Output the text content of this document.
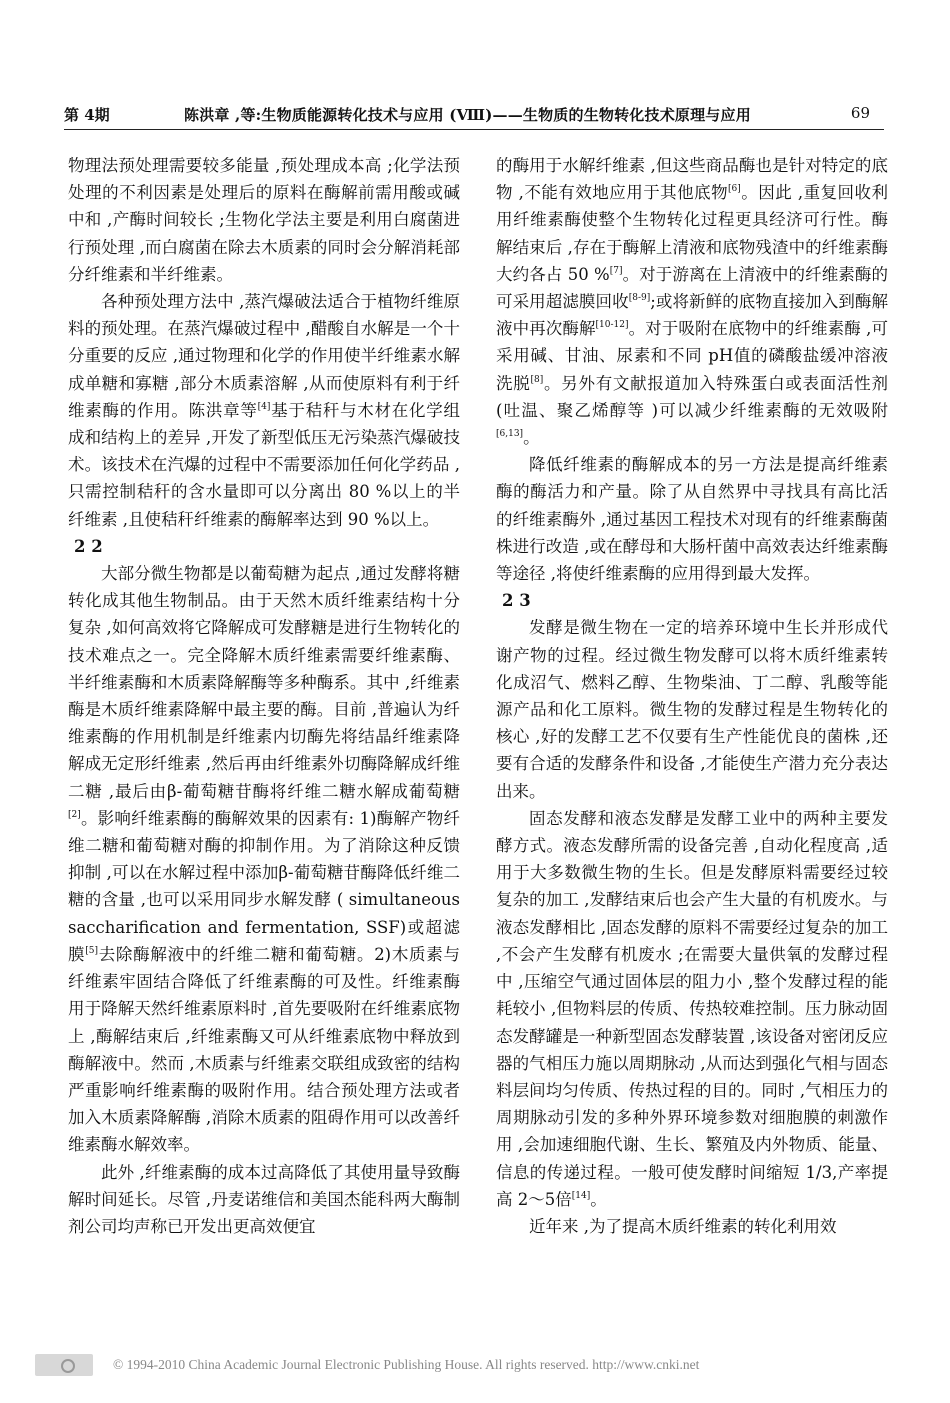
第 4期	陈洪章 ,等:生物质能源转化技术与应用 (Ⅷ)——生物质的生物转化技术原理与应用	69

物理法预处理需要较多能量 ,预处理成本高 ;化学法预处理的不利因素是处理后的原料在酶解前需用酸或碱中和 ,产酶时间较长 ;生物化学法主要是利用白腐菌进行预处理 ,而白腐菌在除去木质素的同时会分解消耗部分纤维素和半纤维素。

各种预处理方法中 ,蒸汽爆破法适合于植物纤维原料的预处理。在蒸汽爆破过程中 ,醋酸自水解是一个十分重要的反应 ,通过物理和化学的作用使半纤维素水解成单糖和寡糖 ,部分木质素溶解 ,从而使原料有利于纤维素酶的作用。陈洪章等[4]基于秸秆与木材在化学组成和结构上的差异 ,开发了新型低压无污染蒸汽爆破技术。该技术在汽爆的过程中不需要添加任何化学药品 ,只需控制秸秆的含水量即可以分离出 80 %以上的半纤维素 ,且使秸秆纤维素的酶解率达到 90 %以上。

2 2

大部分微生物都是以葡萄糖为起点 ,通过发酵将糖转化成其他生物制品。由于天然木质纤维素结构十分复杂 ,如何高效将它降解成可发酵糖是进行生物转化的技术难点之一。完全降解木质纤维素需要纤维素酶、半纤维素酶和木质素降解酶等多种酶系。其中 ,纤维素酶是木质纤维素降解中最主要的酶。目前 ,普遍认为纤维素酶的作用机制是纤维素内切酶先将结晶纤维素降解成无定形纤维素 ,然后再由纤维素外切酶降解成纤维二糖 ,最后由β-葡萄糖苷酶将纤维二糖水解成葡萄糖[2]。影响纤维素酶的酶解效果的因素有: 1)酶解产物纤维二糖和葡萄糖对酶的抑制作用。为了消除这种反馈抑制 ,可以在水解过程中添加β-葡萄糖苷酶降低纤维二糖的含量 ,也可以采用同步水解发酵 ( simultaneous saccharification and fermentation, SSF)或超滤膜[5]去除酶解液中的纤维二糖和葡萄糖。2)木质素与纤维素牢固结合降低了纤维素酶的可及性。纤维素酶用于降解天然纤维素原料时 ,首先要吸附在纤维素底物上 ,酶解结束后 ,纤维素酶又可从纤维素底物中释放到酶解液中。然而 ,木质素与纤维素交联组成致密的结构严重影响纤维素酶的吸附作用。结合预处理方法或者加入木质素降解酶 ,消除木质素的阻碍作用可以改善纤维素酶水解效率。

此外 ,纤维素酶的成本过高降低了其使用量导致酶解时间延长。尽管 ,丹麦诺维信和美国杰能科两大酶制剂公司均声称已开发出更高效便宜

的酶用于水解纤维素 ,但这些商品酶也是针对特定的底物 ,不能有效地应用于其他底物[6]。因此 ,重复回收利用纤维素酶使整个生物转化过程更具经济可行性。酶解结束后 ,存在于酶解上清液和底物残渣中的纤维素酶大约各占 50 %[7]。对于游离在上清液中的纤维素酶的可采用超滤膜回收[8-9];或将新鲜的底物直接加入到酶解液中再次酶解[10-12]。对于吸附在底物中的纤维素酶 ,可采用碱、甘油、尿素和不同 pH值的磷酸盐缓冲溶液洗脱[8]。另外有文献报道加入特殊蛋白或表面活性剂 (吐温、聚乙烯醇等 )可以减少纤维素酶的无效吸附[6,13]。

降低纤维素的酶解成本的另一方法是提高纤维素酶的酶活力和产量。除了从自然界中寻找具有高比活的纤维素酶外 ,通过基因工程技术对现有的纤维素酶菌株进行改造 ,或在酵母和大肠杆菌中高效表达纤维素酶等途径 ,将使纤维素酶的应用得到最大发挥。

2 3

发酵是微生物在一定的培养环境中生长并形成代谢产物的过程。经过微生物发酵可以将木质纤维素转化成沼气、燃料乙醇、生物柴油、丁二醇、乳酸等能源产品和化工原料。微生物的发酵过程是生物转化的核心 ,好的发酵工艺不仅要有生产性能优良的菌株 ,还要有合适的发酵条件和设备 ,才能使生产潜力充分表达出来。

固态发酵和液态发酵是发酵工业中的两种主要发酵方式。液态发酵所需的设备完善 ,自动化程度高 ,适用于大多数微生物的生长。但是发酵原料需要经过较复杂的加工 ,发酵结束后也会产生大量的有机废水。与液态发酵相比 ,固态发酵的原料不需要经过复杂的加工 ,不会产生发酵有机废水 ;在需要大量供氧的发酵过程中 ,压缩空气通过固体层的阻力小 ,整个发酵过程的能耗较小 ,但物料层的传质、传热较难控制。压力脉动固态发酵罐是一种新型固态发酵装置 ,该设备对密闭反应器的气相压力施以周期脉动 ,从而达到强化气相与固态料层间均匀传质、传热过程的目的。同时 ,气相压力的周期脉动引发的多种外界环境参数对细胞膜的刺激作用 ,会加速细胞代谢、生长、繁殖及内外物质、能量、信息的传递过程。一般可使发酵时间缩短 1/3,产率提高 2～5倍[14]。

近年来 ,为了提高木质纤维素的转化利用效

© 1994-2010 China Academic Journal Electronic Publishing House. All rights reserved. http://www.cnki.net
